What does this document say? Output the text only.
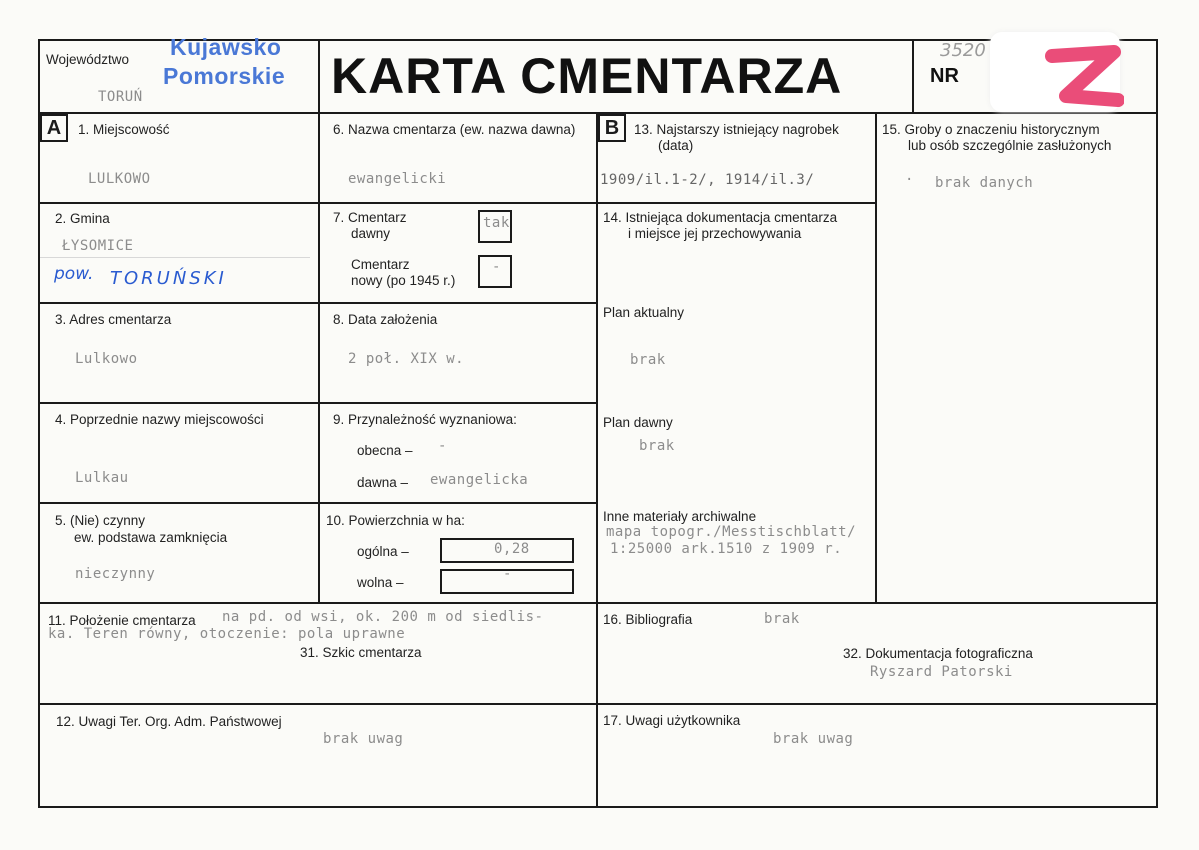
Województwo Kujawsko
Pomorskie
TORUŃ	KARTA CMENTARZA	NR
3520
A	B
1. Miejscowość
LULKOWO
2. Gmina
ŁYSOMICE
pow. TORUŃSKI
3. Adres cmentarza
Lulkowo
4. Poprzednie nazwy miejscowości
Lulkau
5. (Nie) czynny
ew. podstawa zamknięcia
nieczynny
6. Nazwa cmentarza (ew. nazwa dawna)
ewangelicki
7. Cmentarz
dawny
tak
Cmentarz
nowy (po 1945 r.)
-
8. Data założenia
2 poł. XIX w.
9. Przynależność wyznaniowa:
obecna – -
dawna – ewangelicka
10. Powierzchnia w ha:
ogólna –	0,28
wolna –
-
11. Położenie cmentarza na pd. od wsi, ok. 200 m od siedlis-
ka. Teren równy, otoczenie: pola uprawne
31. Szkic cmentarza
12. Uwagi Ter. Org. Adm. Państwowej
brak uwag
13. Najstarszy istniejący nagrobek
(data)
1909/il.1-2/, 1914/il.3/
14. Istniejąca dokumentacja cmentarza
i miejsce jej przechowywania
Plan aktualny
brak
Plan dawny
brak
Inne materiały archiwalne
mapa topogr./Messtischblatt/
1:25000 ark.1510 z 1909 r.
15. Groby o znaczeniu historycznym
lub osób szczególnie zasłużonych
· brak danych
16. Bibliografia	brak
32. Dokumentacja fotograficzna
Ryszard Patorski
17. Uwagi użytkownika
brak uwag
